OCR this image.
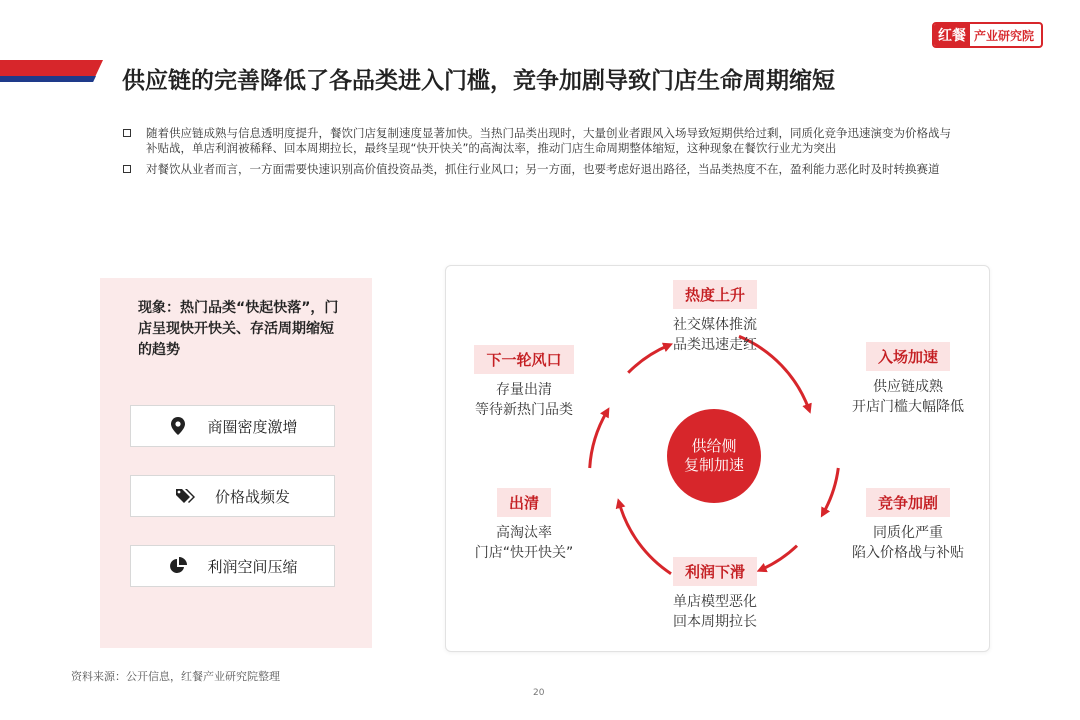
供应链的完善降低了各品类进入门槛，竞争加剧导致门店生命周期缩短
红餐 产业研究院
随着供应链成熟与信息透明度提升，餐饮门店复制速度显著加快。当热门品类出现时，大量创业者跟风入场导致短期供给过剩，同质化竞争迅速演变为价格战与补贴战，单店利润被稀释、回本周期拉长，最终呈现“快开快关”的高淘汰率，推动门店生命周期整体缩短，这种现象在餐饮行业尤为突出
对餐饮从业者而言，一方面需要快速识别高价值投资品类，抓住行业风口；另一方面，也要考虑好退出路径，当品类热度不在，盈利能力恶化时及时转换赛道
现象：热门品类“快起快落”，门店呈现快开快关、存活周期缩短的趋势
商圈密度激增
价格战频发
利润空间压缩
供给侧
复制加速
热度上升
社交媒体推流
品类迅速走红
入场加速
供应链成熟
开店门槛大幅降低
竞争加剧
同质化严重
陷入价格战与补贴
利润下滑
单店模型恶化
回本周期拉长
出清
高淘汰率
门店“快开快关”
下一轮风口
存量出清
等待新热门品类
资料来源：公开信息，红餐产业研究院整理
20
